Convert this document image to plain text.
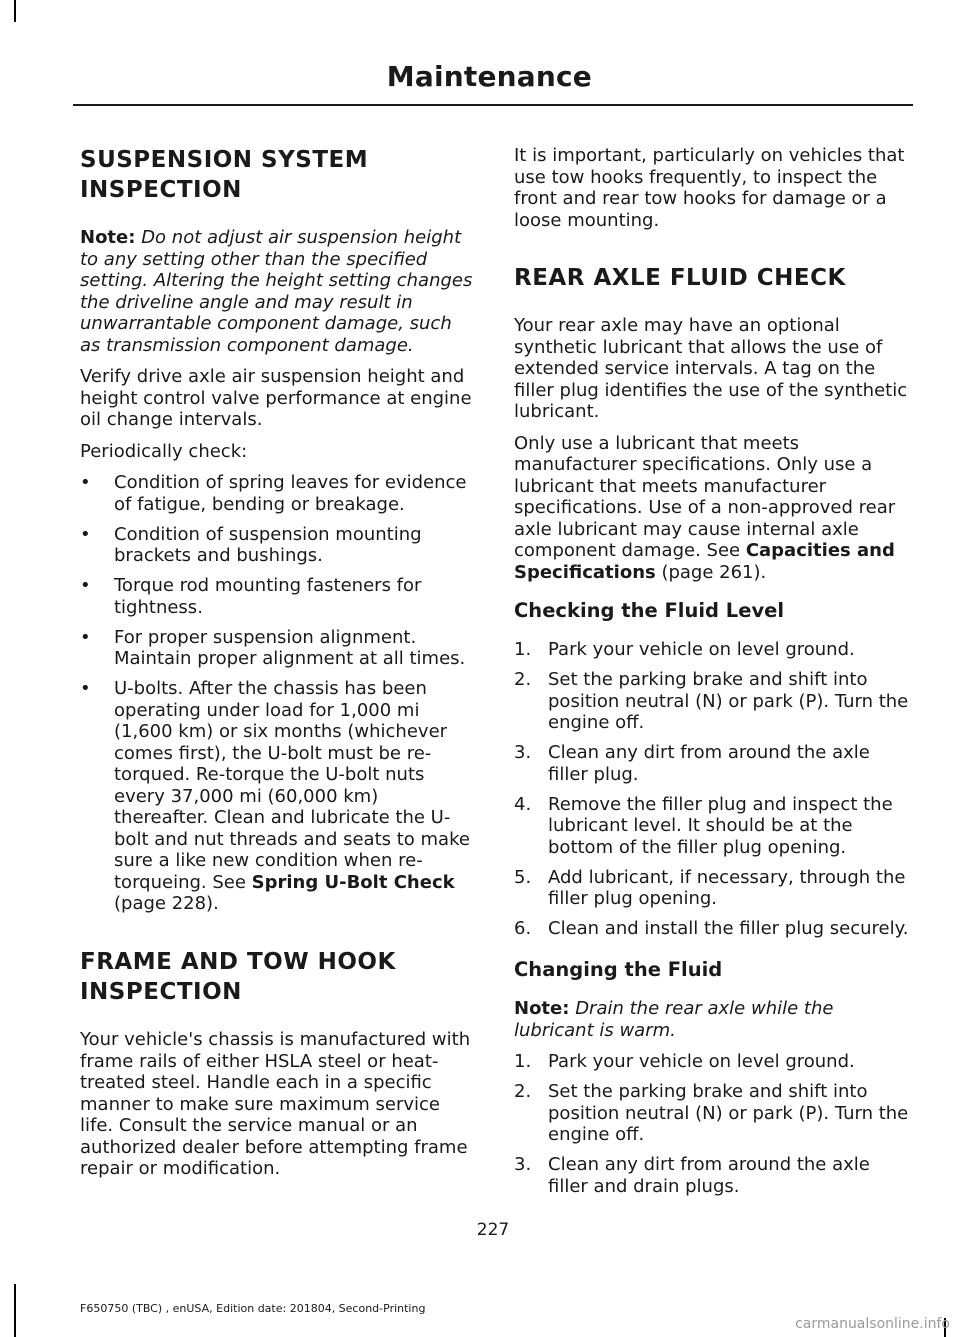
Maintenance
SUSPENSION SYSTEM
INSPECTION

Note: Do not adjust air suspension height to any setting other than the specified setting. Altering the height setting changes the driveline angle and may result in unwarrantable component damage, such as transmission component damage.

Verify drive axle air suspension height and height control valve performance at engine oil change intervals.

Periodically check:

• Condition of spring leaves for evidence of fatigue, bending or breakage.
• Condition of suspension mounting brackets and bushings.
• Torque rod mounting fasteners for tightness.
• For proper suspension alignment. Maintain proper alignment at all times.
• U-bolts. After the chassis has been operating under load for 1,000 mi (1,600 km) or six months (whichever comes first), the U-bolt must be re-torqued. Re-torque the U-bolt nuts every 37,000 mi (60,000 km) thereafter. Clean and lubricate the U-bolt and nut threads and seats to make sure a like new condition when re-torqueing. See Spring U-Bolt Check (page 228).
FRAME AND TOW HOOK
INSPECTION

Your vehicle's chassis is manufactured with frame rails of either HSLA steel or heat-treated steel. Handle each in a specific manner to make sure maximum service life. Consult the service manual or an authorized dealer before attempting frame repair or modification.

It is important, particularly on vehicles that use tow hooks frequently, to inspect the front and rear tow hooks for damage or a loose mounting.

REAR AXLE FLUID CHECK

Your rear axle may have an optional synthetic lubricant that allows the use of extended service intervals. A tag on the filler plug identifies the use of the synthetic lubricant.

Only use a lubricant that meets manufacturer specifications. Only use a lubricant that meets manufacturer specifications. Use of a non-approved rear axle lubricant may cause internal axle component damage. See Capacities and Specifications (page 261).

Checking the Fluid Level
1. Park your vehicle on level ground.
2. Set the parking brake and shift into position neutral (N) or park (P). Turn the engine off.
3. Clean any dirt from around the axle filler plug.
4. Remove the filler plug and inspect the lubricant level. It should be at the bottom of the filler plug opening.
5. Add lubricant, if necessary, through the filler plug opening.
6. Clean and install the filler plug securely.
Changing the Fluid

Note: Drain the rear axle while the lubricant is warm.

1. Park your vehicle on level ground.
2. Set the parking brake and shift into position neutral (N) or park (P). Turn the engine off.
3. Clean any dirt from around the axle filler and drain plugs.
227
F650750 (TBC) , enUSA, Edition date: 201804, Second-Printing
carmanualsonline.info
